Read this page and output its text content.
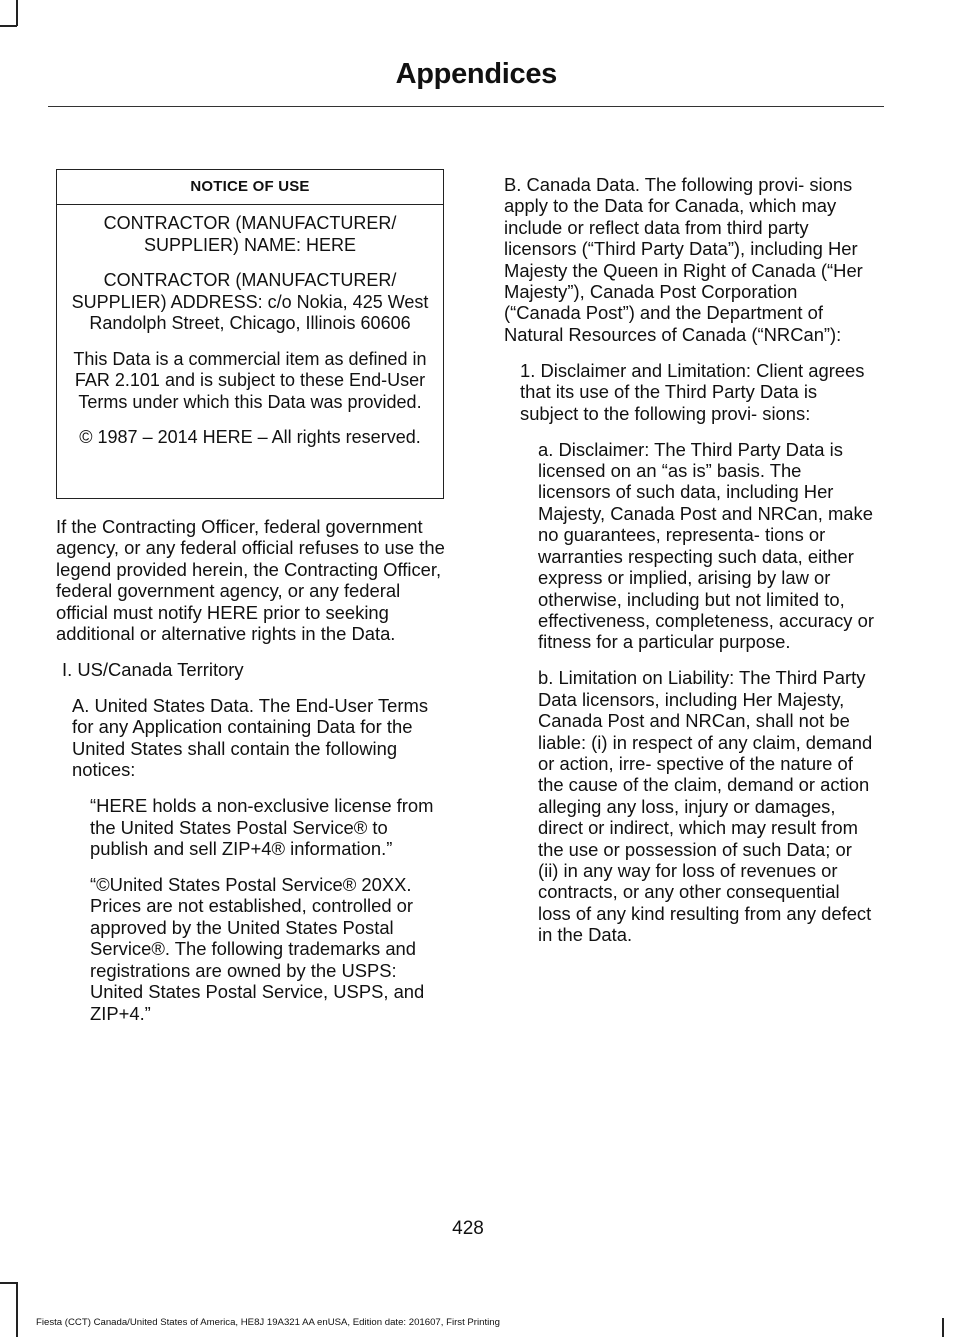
Appendices
NOTICE OF USE

CONTRACTOR (MANUFACTURER/ SUPPLIER) NAME: HERE

CONTRACTOR (MANUFACTURER/ SUPPLIER) ADDRESS: c/o Nokia, 425 West Randolph Street, Chicago, Illinois 60606

This Data is a commercial item as defined in FAR 2.101 and is subject to these End-User Terms under which this Data was provided.

© 1987 – 2014 HERE – All rights reserved.

If the Contracting Officer, federal government agency, or any federal official refuses to use the legend provided herein, the Contracting Officer, federal government agency, or any federal official must notify HERE prior to seeking additional or alternative rights in the Data.

I. US/Canada Territory

A. United States Data. The End-User Terms for any Application containing Data for the United States shall contain the following notices:

“HERE holds a non-exclusive license from the United States Postal Service® to publish and sell ZIP+4® information.”

“©United States Postal Service® 20XX. Prices are not established, controlled or approved by the United States Postal Service®. The following trademarks and registrations are owned by the USPS: United States Postal Service, USPS, and ZIP+4.”

B. Canada Data. The following provi- sions apply to the Data for Canada, which may include or reflect data from third party licensors (“Third Party Data”), including Her Majesty the Queen in Right of Canada (“Her Majesty”), Canada Post Corporation (“Canada Post”) and the Department of Natural Resources of Canada (“NRCan”):

1. Disclaimer and Limitation: Client agrees that its use of the Third Party Data is subject to the following provi- sions:

a. Disclaimer: The Third Party Data is licensed on an “as is” basis. The licensors of such data, including Her Majesty, Canada Post and NRCan, make no guarantees, representa- tions or warranties respecting such data, either express or implied, arising by law or otherwise, including but not limited to, effectiveness, completeness, accuracy or fitness for a particular purpose.

b. Limitation on Liability: The Third Party Data licensors, including Her Majesty, Canada Post and NRCan, shall not be liable: (i) in respect of any claim, demand or action, irre- spective of the nature of the cause of the claim, demand or action alleging any loss, injury or damages, direct or indirect, which may result from the use or possession of such Data; or (ii) in any way for loss of revenues or contracts, or any other consequential loss of any kind resulting from any defect in the Data.

428
Fiesta (CCT) Canada/United States of America, HE8J 19A321 AA enUSA, Edition date: 201607, First Printing
